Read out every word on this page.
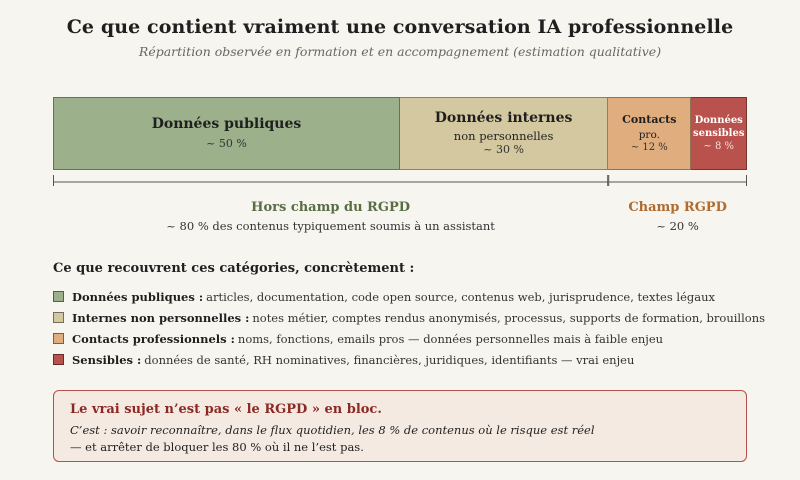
Ce que contient vraiment une conversation IA professionnelle
Répartition observée en formation et en accompagnement (estimation qualitative)
Données publiques
~ 50 %
Données internes
non personnelles
~ 30 %
Contacts
pro.
~ 12 %
Données
sensibles
~ 8 %
Hors champ du RGPD
~ 80 % des contenus typiquement soumis à un assistant
Champ RGPD
~ 20 %
Ce que recouvrent ces catégories, concrètement :
Données publiques : articles, documentation, code open source, contenus web, jurisprudence, textes légaux
Internes non personnelles : notes métier, comptes rendus anonymisés, processus, supports de formation, brouillons
Contacts professionnels : noms, fonctions, emails pros — données personnelles mais à faible enjeu
Sensibles : données de santé, RH nominatives, financières, juridiques, identifiants — vrai enjeu
Le vrai sujet n’est pas « le RGPD » en bloc.
C’est : savoir reconnaître, dans le flux quotidien, les 8 % de contenus où le risque est réel
— et arrêter de bloquer les 80 % où il ne l’est pas.
